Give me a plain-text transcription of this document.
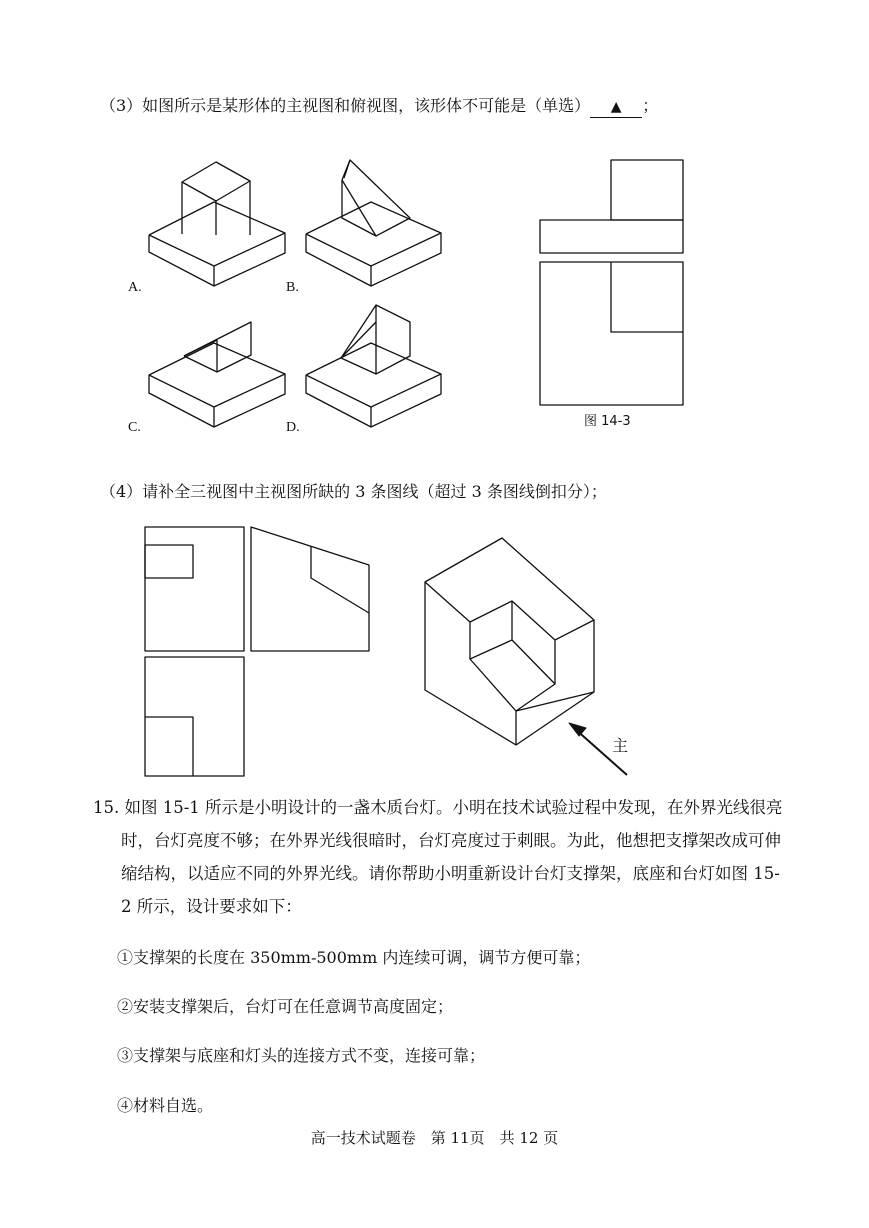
（3）如图所示是某形体的主视图和俯视图，该形体不可能是（单选） ▲ ；
A.	B.
C.	D.	图 14-3
（4）请补全三视图中主视图所缺的 3 条图线（超过 3 条图线倒扣分）；
主
15. 如图 15-1 所示是小明设计的一盏木质台灯。小明在技术试验过程中发现，在外界光线很亮时，台灯亮度不够；在外界光线很暗时，台灯亮度过于刺眼。为此，他想把支撑架改成可伸缩结构，以适应不同的外界光线。请你帮助小明重新设计台灯支撑架，底座和台灯如图 15-2 所示，设计要求如下：
①支撑架的长度在 350mm-500mm 内连续可调，调节方便可靠；
②安装支撑架后，台灯可在任意调节高度固定；
③支撑架与底座和灯头的连接方式不变，连接可靠；
④材料自选。
高一技术试题卷　第 11页　共 12 页
